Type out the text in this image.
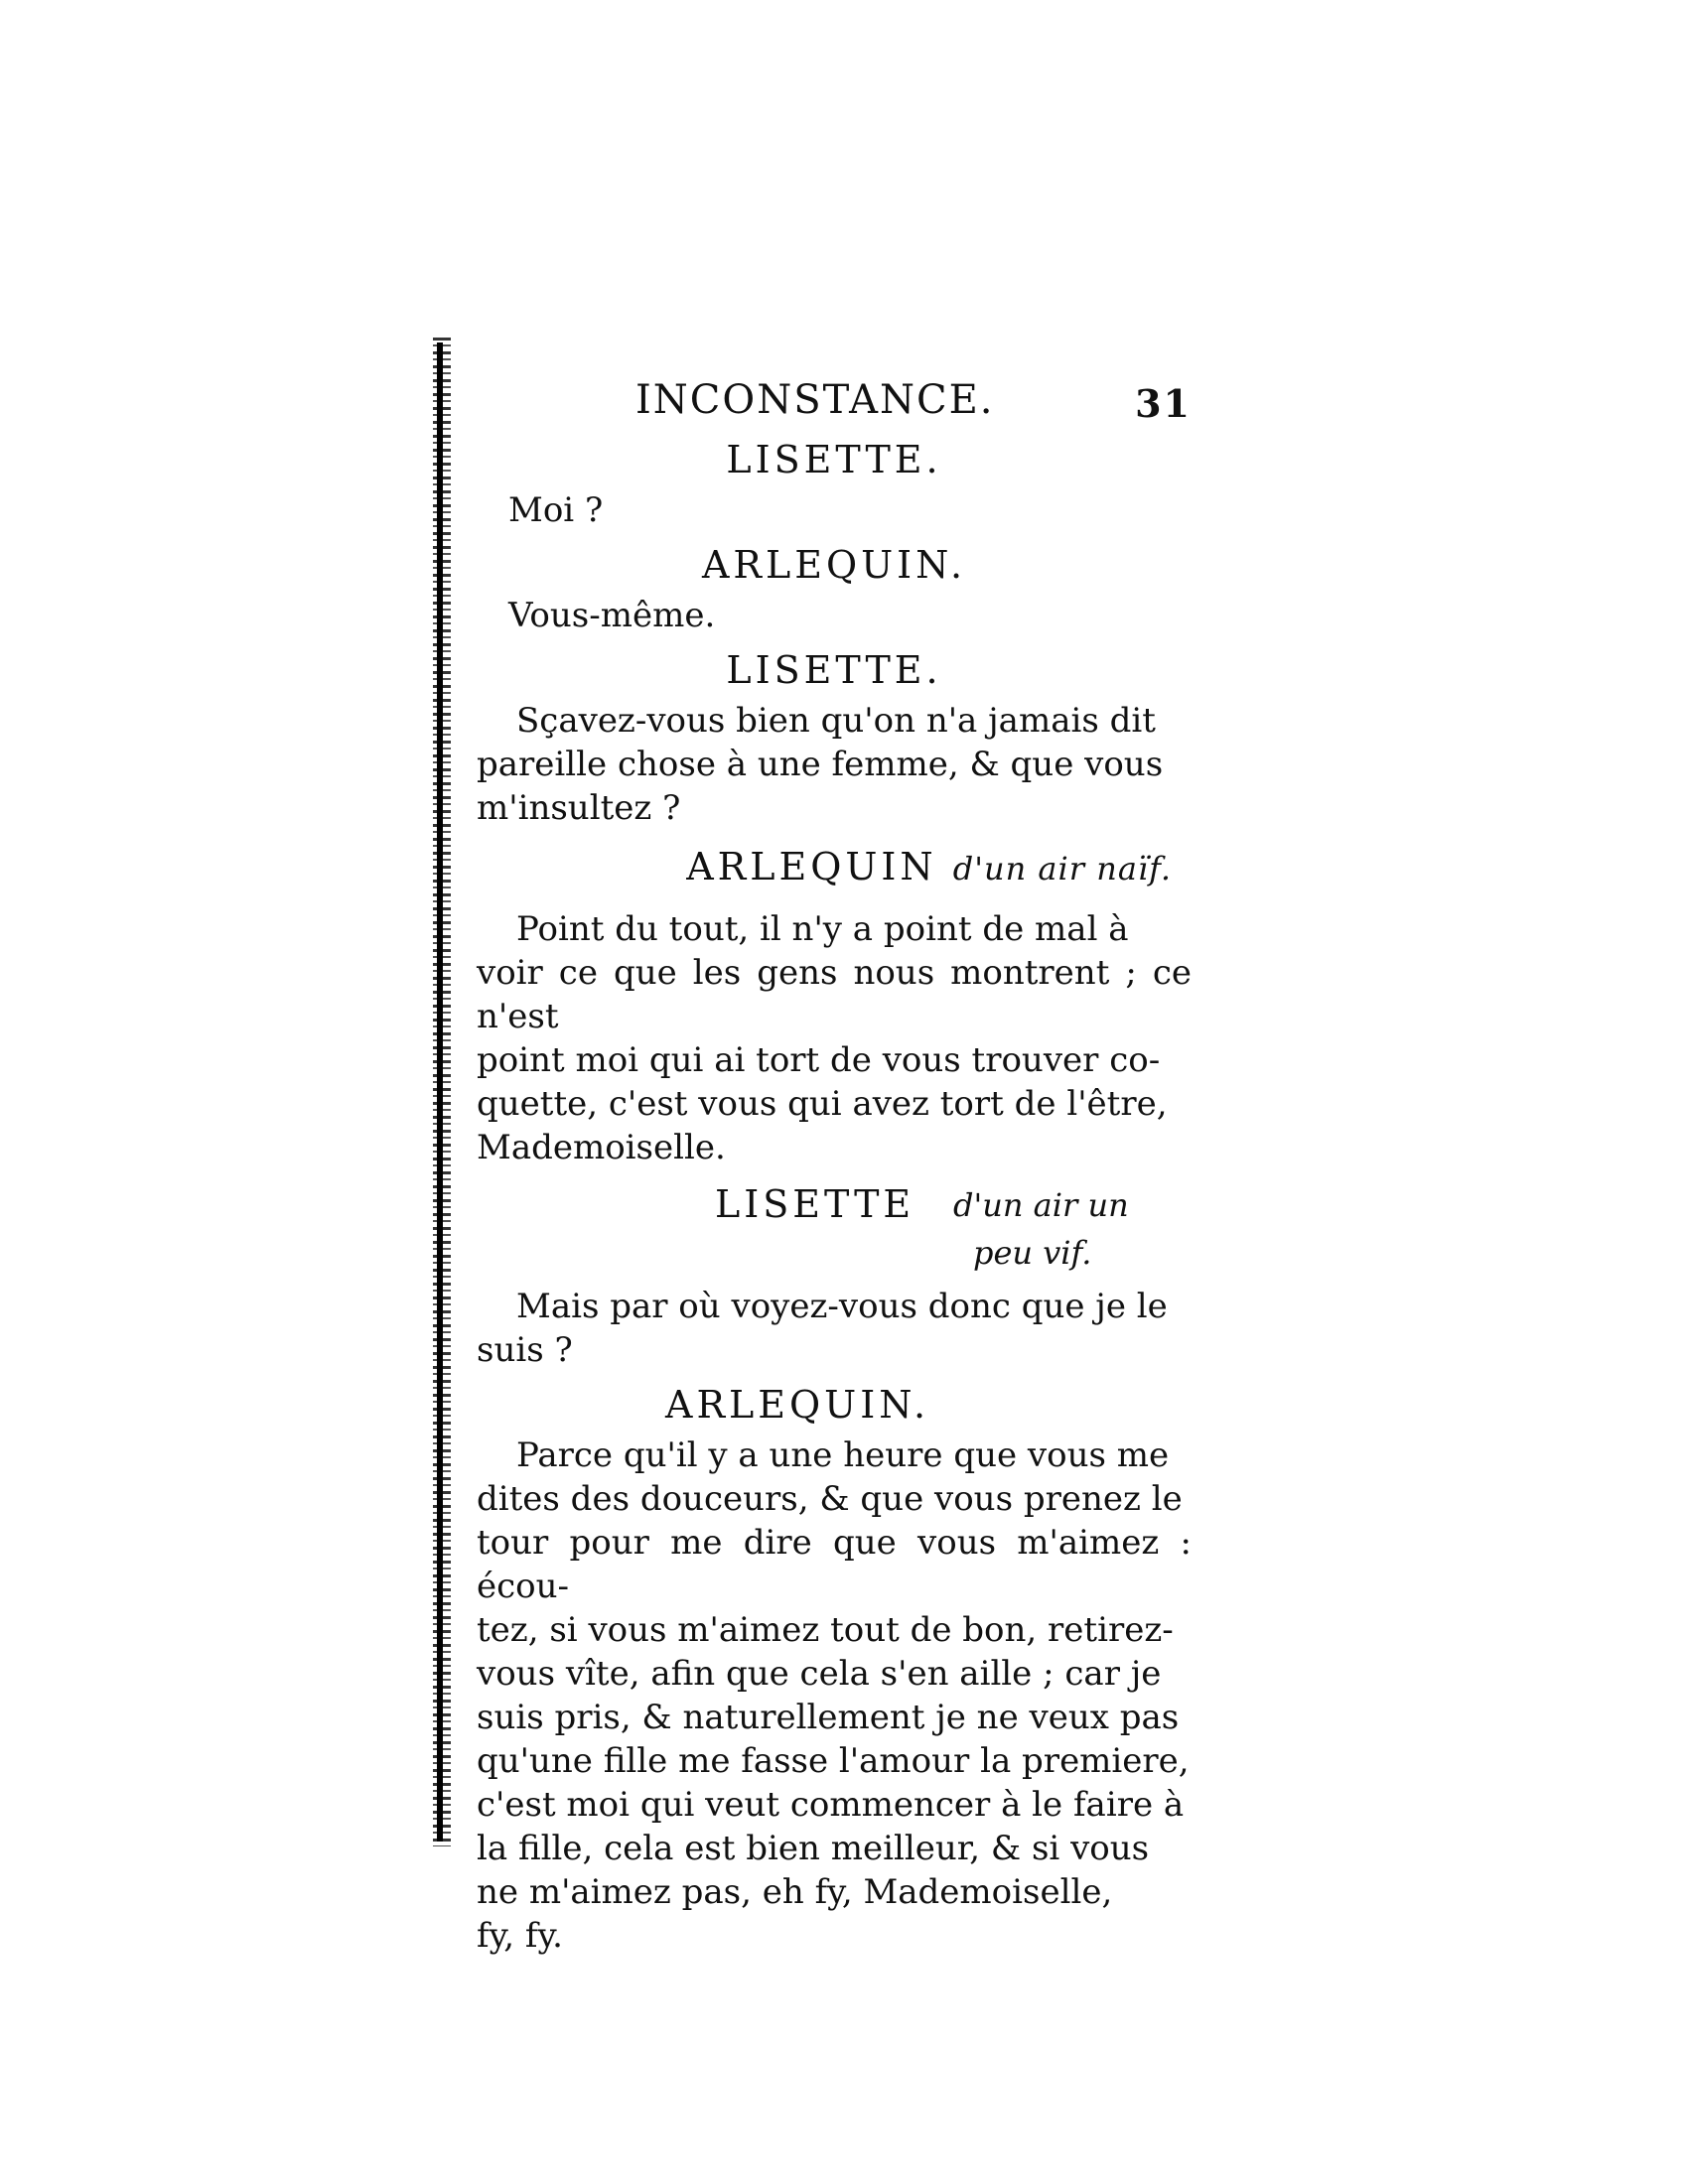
INCONSTANCE.	31

LISETTE.

Moi ?

ARLEQUIN.

Vous-même.

LISETTE.

Sçavez-vous bien qu'on n'a jamais dit

pareille chose à une femme, & que vous

m'insultez ?

ARLEQUIN d'un air naïf.

Point du tout, il n'y a point de mal à

voir ce que les gens nous montrent ; ce n'est

point moi qui ai tort de vous trouver co-

quette, c'est vous qui avez tort de l'être,

Mademoiselle.

LISETTE d'un air un
peu vif.

Mais par où voyez-vous donc que je le

suis ?

ARLEQUIN.

Parce qu'il y a une heure que vous me

dites des douceurs, & que vous prenez le

tour pour me dire que vous m'aimez : écou-

tez, si vous m'aimez tout de bon, retirez-

vous vîte, afin que cela s'en aille ; car je

suis pris, & naturellement je ne veux pas

qu'une fille me fasse l'amour la premiere,

c'est moi qui veut commencer à le faire à

la fille, cela est bien meilleur, & si vous

ne m'aimez pas, eh fy, Mademoiselle,

fy, fy.
